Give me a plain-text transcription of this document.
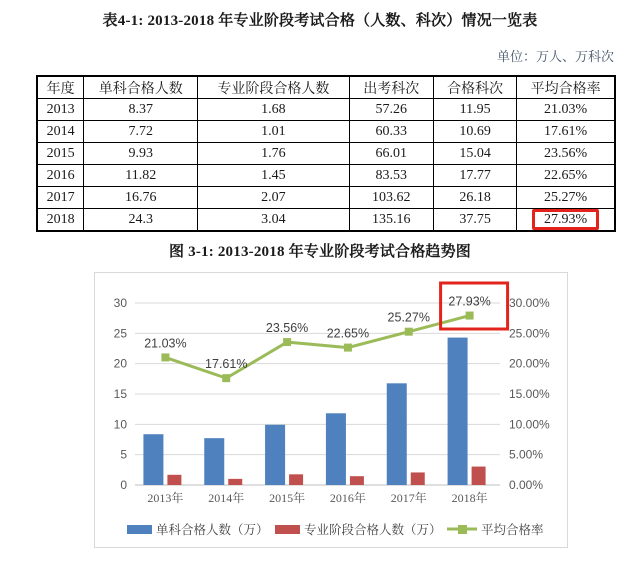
表4-1: 2013-2018 年专业阶段考试合格（人数、科次）情况一览表
单位：万人、万科次
年度	单科合格人数	专业阶段合格人数	出考科次	合格科次	平均合格率
2013	8.37	1.68	57.26	11.95	21.03%
2014	7.72	1.01	60.33	10.69	17.61%
2015	9.93	1.76	66.01	15.04	23.56%
2016	11.82	1.45	83.53	17.77	22.65%
2017	16.76	2.07	103.62	26.18	25.27%
2018	24.3	3.04	135.16	37.75	27.93%
图 3-1: 2013-2018 年专业阶段考试合格趋势图
0
5
10
15
20
25
30
0.00%
5.00%
10.00%
15.00%
20.00%
25.00%
30.00%
21.03%
17.61%
23.56% 22.65%
25.27%
27.93%
2013年 2014年 2015年 2016年 2017年 2018年
单科合格人数（万）	专业阶段合格人数（万）	平均合格率
